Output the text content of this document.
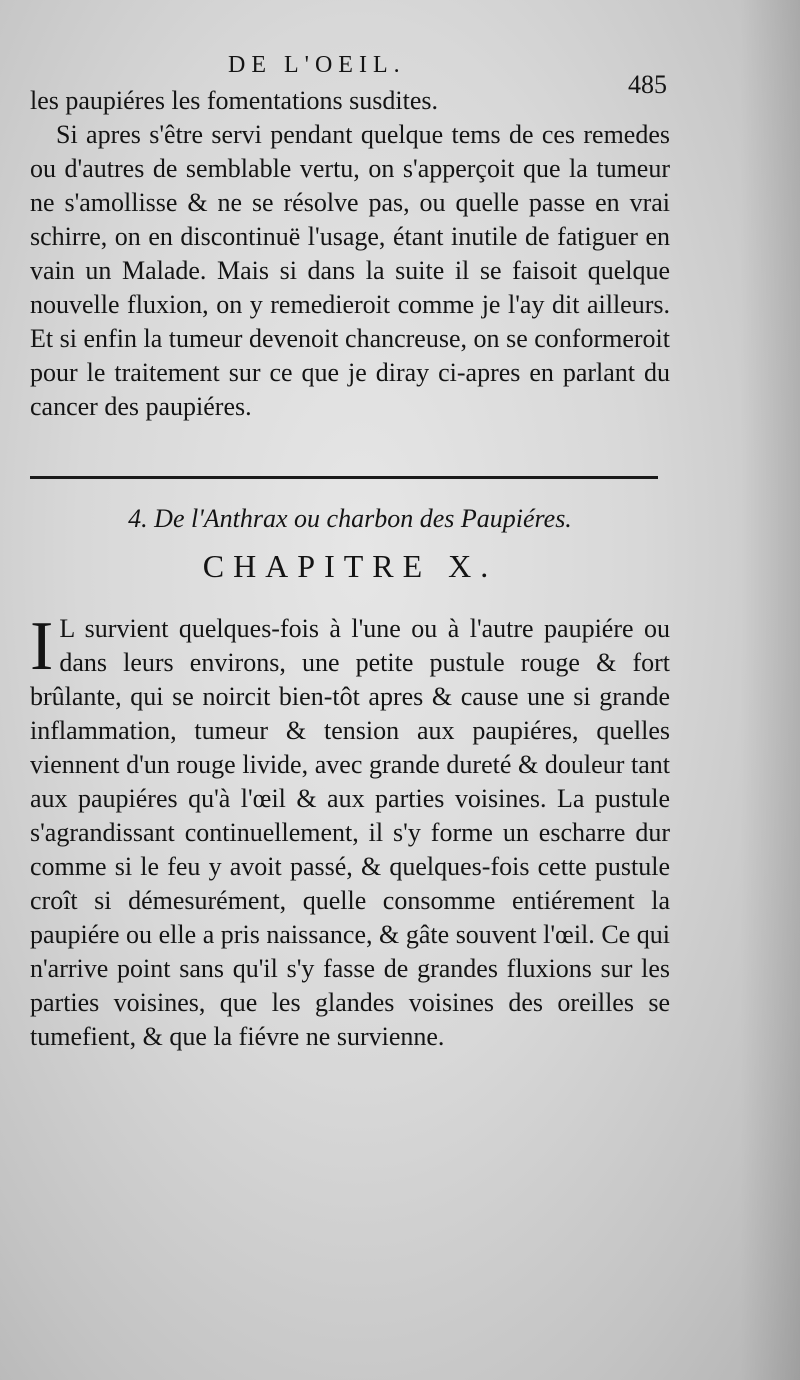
DE L'OEIL.
485

les paupiéres les fomentations susdites.

Si apres s'être servi pendant quelque tems de ces remedes ou d'autres de semblable vertu, on s'apperçoit que la tumeur ne s'amollisse & ne se résolve pas, ou quelle passe en vrai schirre, on en discontinuë l'usage, étant inutile de fatiguer en vain un Malade. Mais si dans la suite il se faisoit quelque nouvelle fluxion, on y remedieroit comme je l'ay dit ailleurs. Et si enfin la tumeur devenoit chancreuse, on se conformeroit pour le traitement sur ce que je diray ci-apres en parlant du cancer des paupiéres.

4. De l'Anthrax ou charbon des Paupiéres.
CHAPITRE X.
I L survient quelques-fois à l'une ou à l'autre paupiére ou dans leurs environs, une petite pustule rouge & fort brûlante, qui se noircit bien-tôt apres & cause une si grande inflammation, tumeur & tension aux paupiéres, quelles viennent d'un rouge livide, avec grande dureté & douleur tant aux paupiéres qu'à l'œil & aux parties voisines. La pustule s'agrandissant continuellement, il s'y forme un escharre dur comme si le feu y avoit passé, & quelques-fois cette pustule croît si démesurément, quelle consomme entiérement la paupiére ou elle a pris naissance, & gâte souvent l'œil. Ce qui n'arrive point sans qu'il s'y fasse de grandes fluxions sur les parties voisines, que les glandes voisines des oreilles se tumefient, & que la fiévre ne survienne.
